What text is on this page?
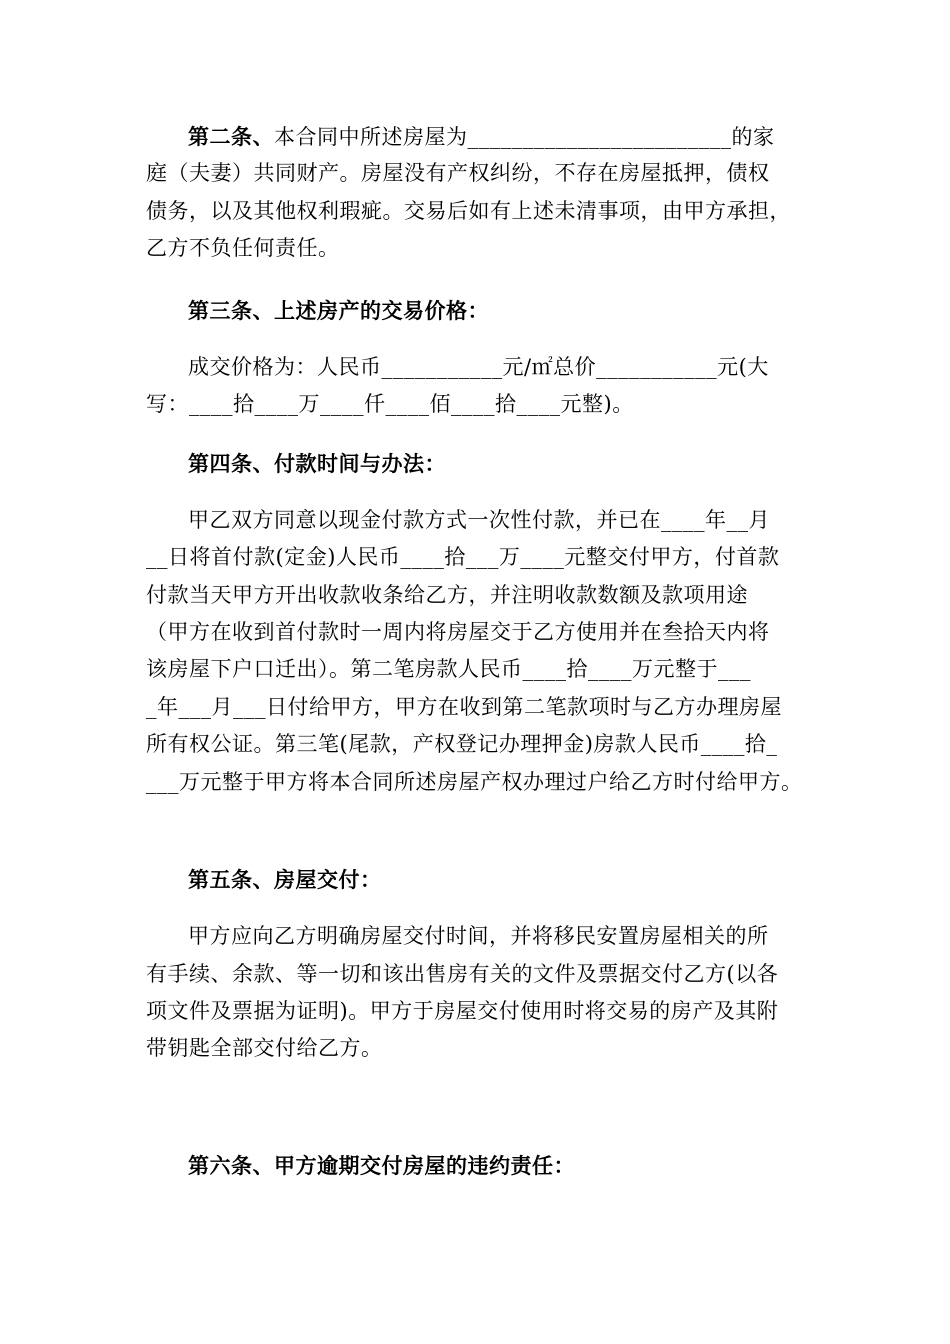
第二条、本合同中所述房屋为________________________的家
庭（夫妻）共同财产。房屋没有产权纠纷，不存在房屋抵押，债权
债务，以及其他权利瑕疵。交易后如有上述未清事项，由甲方承担，
乙方不负任何责任。
第三条、上述房产的交易价格：
成交价格为：人民币___________元/㎡总价___________元(大
写：____拾____万____仟____佰____拾____元整)。
第四条、付款时间与办法：
甲乙双方同意以现金付款方式一次性付款，并已在____年__月
__日将首付款(定金)人民币____拾___万____元整交付甲方，付首款
付款当天甲方开出收款收条给乙方，并注明收款数额及款项用途
（甲方在收到首付款时一周内将房屋交于乙方使用并在叁拾天内将
该房屋下户口迁出）。第二笔房款人民币____拾____万元整于___
_年___月___日付给甲方，甲方在收到第二笔款项时与乙方办理房屋
所有权公证。第三笔(尾款，产权登记办理押金)房款人民币____拾_
___万元整于甲方将本合同所述房屋产权办理过户给乙方时付给甲方。
第五条、房屋交付：
甲方应向乙方明确房屋交付时间，并将移民安置房屋相关的所
有手续、余款、等一切和该出售房有关的文件及票据交付乙方(以各
项文件及票据为证明)。甲方于房屋交付使用时将交易的房产及其附
带钥匙全部交付给乙方。
第六条、甲方逾期交付房屋的违约责任：
